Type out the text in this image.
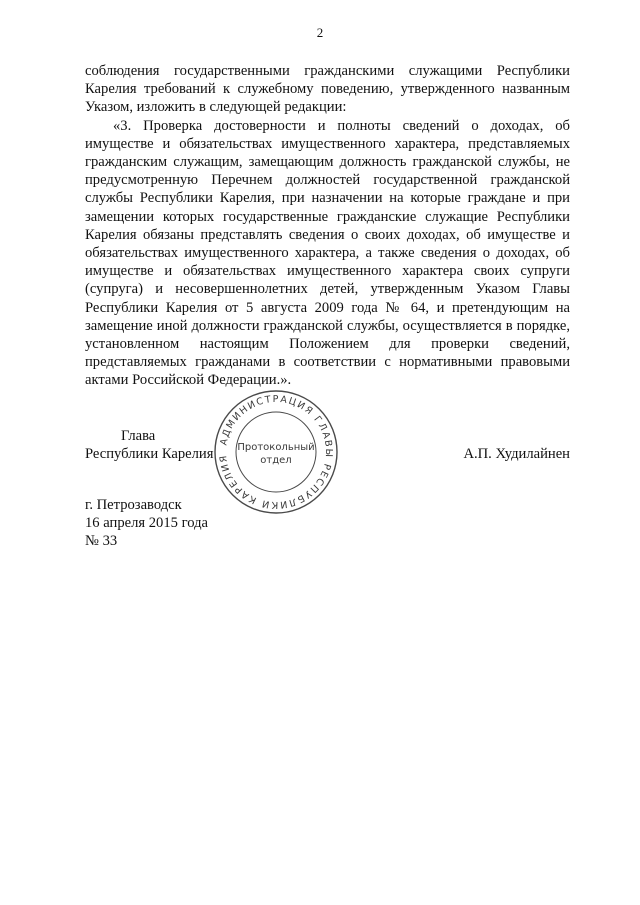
2

соблюдения государственными гражданскими служащими Республики Карелия требований к служебному поведению, утвержденного названным Указом, изложить в следующей редакции:

«3. Проверка достоверности и полноты сведений о доходах, об имуществе и обязательствах имущественного характера, представляемых гражданским служащим, замещающим должность гражданской службы, не предусмотренную Перечнем должностей государственной гражданской службы Республики Карелия, при назначении на которые граждане и при замещении которых государственные гражданские служащие Республики Карелия обязаны представлять сведения о своих доходах, об имуществе и обязательствах имущественного характера, а также сведения о доходах, об имуществе и обязательствах имущественного характера своих супруги (супруга) и несовершеннолетних детей, утвержденным Указом Главы Республики Карелия от 5 августа 2009 года № 64, и претендующим на замещение иной должности гражданской службы, осуществляется в порядке, установленном настоящим Положением для проверки сведений, представляемых гражданами в соответствии с нормативными правовыми актами Российской Федерации.».

АДМИНИСТРАЦИЯ ГЛАВЫ РЕСПУБЛИКИ КАРЕЛИЯ
Протокольный
отдел
Глава
Республики Карелия	А.П. Худилайнен
г. Петрозаводск
16 апреля 2015 года
№ 33
